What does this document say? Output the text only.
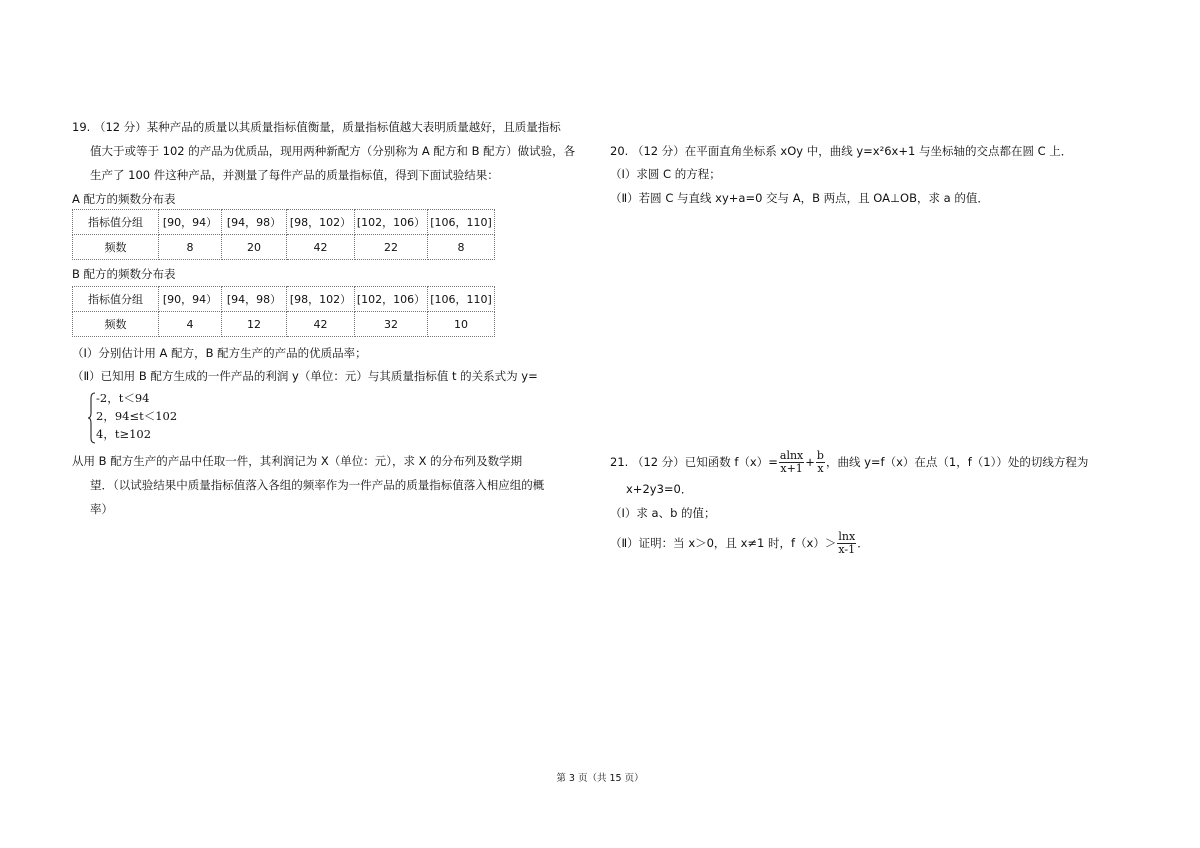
19. （12 分）某种产品的质量以其质量指标值衡量，质量指标值越大表明质量越好，且质量指标
值大于或等于 102 的产品为优质品，现用两种新配方（分别称为 A 配方和 B 配方）做试验，各
生产了 100 件这种产品，并测量了每件产品的质量指标值，得到下面试验结果：
A 配方的频数分布表
指标值分组	[90，94）	[94，98）	[98，102）	[102，106）	[106，110]
频数	8	20	42	22	8
B 配方的频数分布表
指标值分组	[90，94）	[94，98）	[98，102）	[102，106）	[106，110]
频数	4	12	42	32	10
（Ⅰ）分别估计用 A 配方，B 配方生产的产品的优质品率；
（Ⅱ）已知用 B 配方生成的一件产品的利润 y（单位：元）与其质量指标值 t 的关系式为 y=
-2，t＜94
2，94≤t＜102
4，t≥102
从用 B 配方生产的产品中任取一件，其利润记为 X（单位：元），求 X 的分布列及数学期
望．（以试验结果中质量指标值落入各组的频率作为一件产品的质量指标值落入相应组的概
率）
20. （12 分）在平面直角坐标系 xOy 中，曲线 y=x²6x+1 与坐标轴的交点都在圆 C 上．
（Ⅰ）求圆 C 的方程；
（Ⅱ）若圆 C 与直线 xy+a=0 交与 A，B 两点，且 OA⊥OB，求 a 的值．
21. （12 分）已知函数 $f(x)= \frac{alnx}{x+1} + \frac{b}{x}$ ，曲线 y=f（x）在点（1，f（1））处的切线方程为
x+2y3=0．
（Ⅰ）求 a、b 的值；
（Ⅱ）证明：当 x＞0，且 x≠1 时，$f(x)> \frac{\ln x}{x-1}$ ．
第 3 页（共 15 页）
